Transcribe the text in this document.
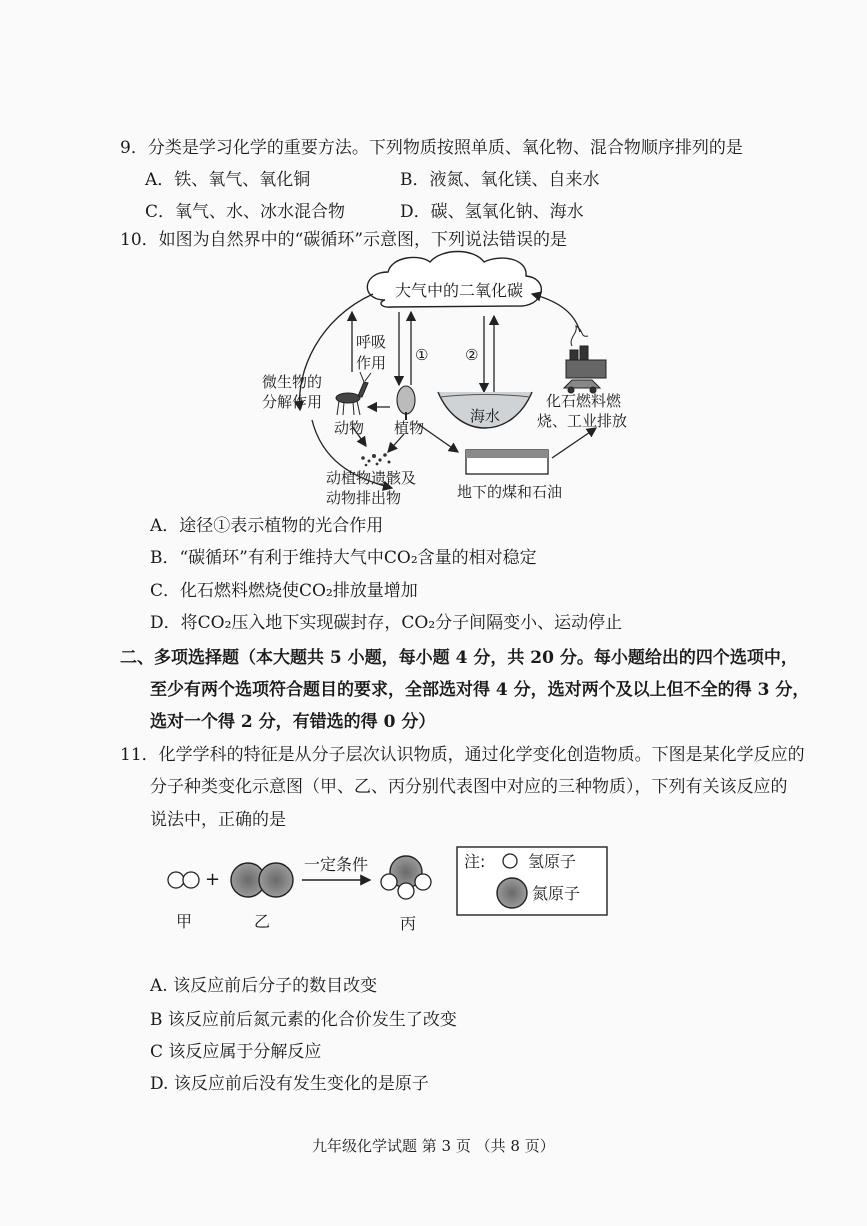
9．分类是学习化学的重要方法。下列物质按照单质、氧化物、混合物顺序排列的是
A．铁、氧气、氧化铜	B．液氮、氧化镁、自来水
C．氧气、水、冰水混合物	D．碳、氢氧化钠、海水
10．如图为自然界中的“碳循环”示意图，下列说法错误的是
大气中的二氧化碳
呼吸
作用 ① ②
微生物的
分解作用
动物 植物
海水
化石燃料燃
烧、工业排放
动植物遗骸及
动物排出物	地下的煤和石油
A．途径①表示植物的光合作用
B．“碳循环”有利于维持大气中CO₂含量的相对稳定
C．化石燃料燃烧使CO₂排放量增加
D．将CO₂压入地下实现碳封存，CO₂分子间隔变小、运动停止
二、多项选择题（本大题共 5 小题，每小题 4 分，共 20 分。每小题给出的四个选项中，
至少有两个选项符合题目的要求，全部选对得 4 分，选对两个及以上但不全的得 3 分，
选对一个得 2 分，有错选的得 0 分）
11．化学学科的特征是从分子层次认识物质，通过化学变化创造物质。下图是某化学反应的
分子种类变化示意图（甲、乙、丙分别代表图中对应的三种物质），下列有关该反应的
说法中，正确的是
+
一定条件
甲	乙	丙
注:	氢原子
氮原子
A. 该反应前后分子的数目改变
B 该反应前后氮元素的化合价发生了改变
C 该反应属于分解反应
D. 该反应前后没有发生变化的是原子
九年级化学试题 第 3 页 （共 8 页）
